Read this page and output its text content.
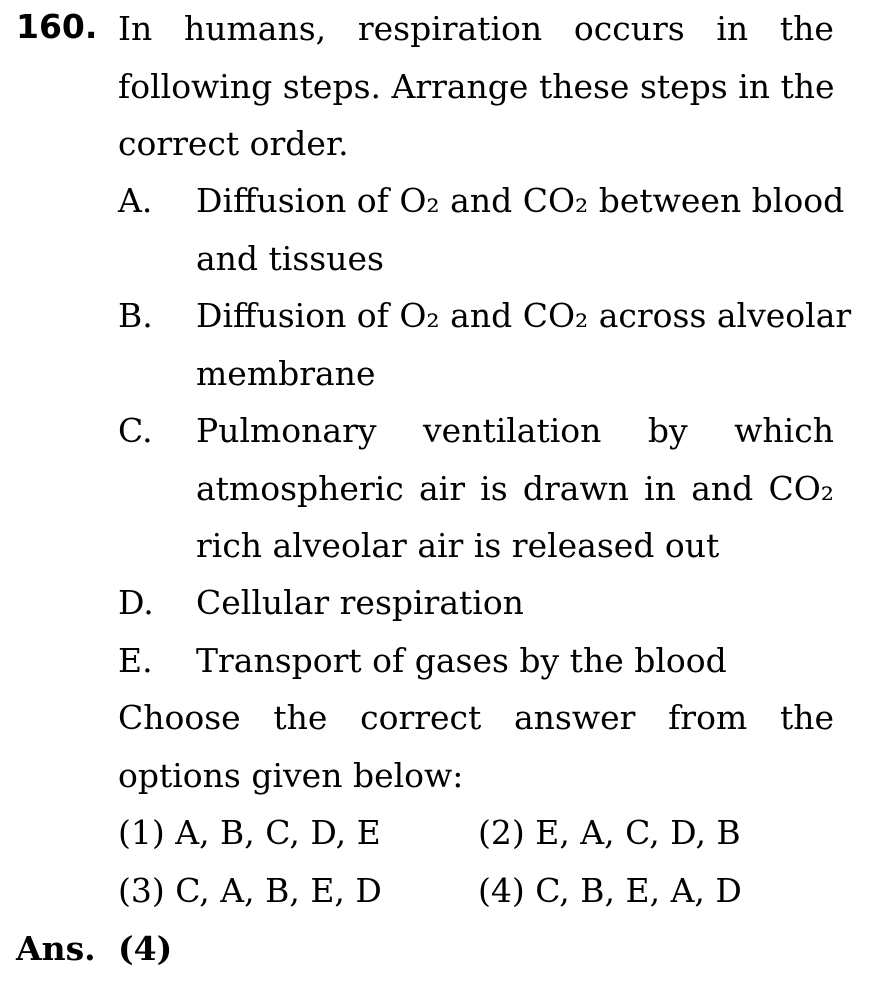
160. In humans, respiration occurs in the
following steps. Arrange these steps in the
correct order.
A.	Diffusion of O₂ and CO₂ between blood
and tissues
B.	Diffusion of O₂ and CO₂ across alveolar
membrane
C.	Pulmonary ventilation by which
atmospheric air is drawn in and CO₂
rich alveolar air is released out
D.	Cellular respiration
E.	Transport of gases by the blood
Choose the correct answer from the
options given below:
(1) A, B, C, D, E	(2) E, A, C, D, B
(3) C, A, B, E, D	(4) C, B, E, A, D
Ans. (4)
